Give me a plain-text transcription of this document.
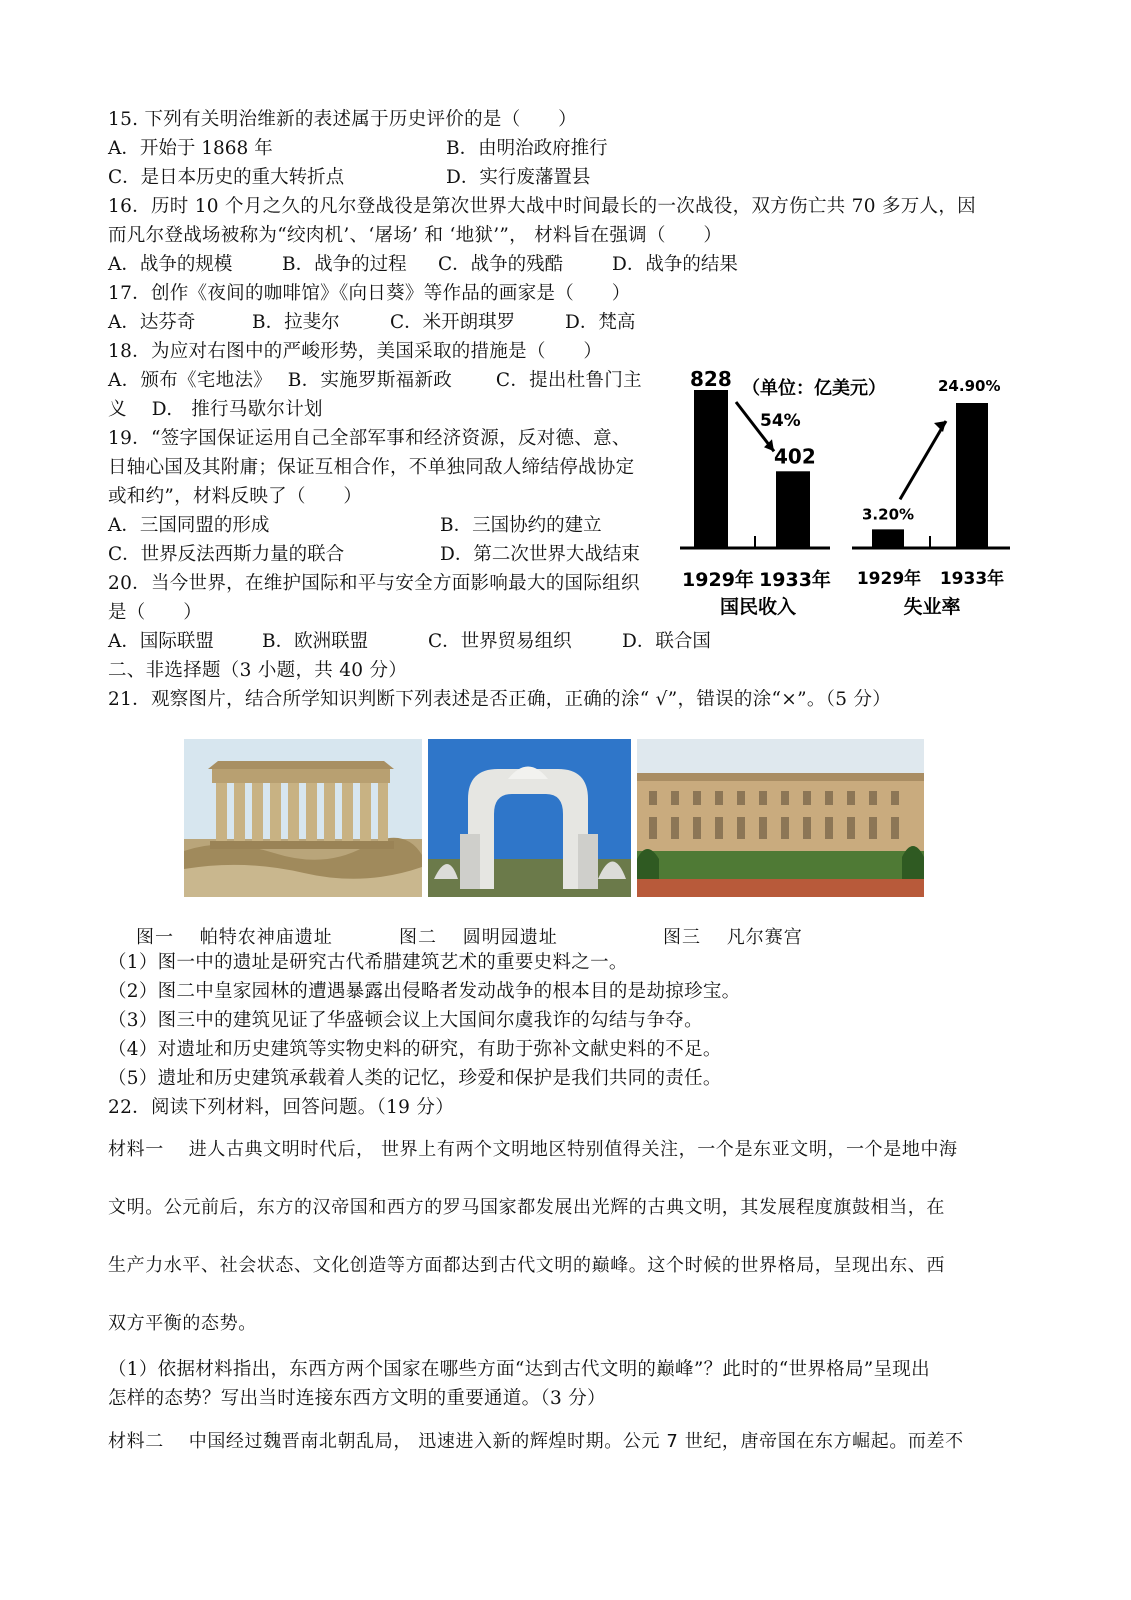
15. 下列有关明治维新的表述属于历史评价的是（　　）
A．开始于 1868 年	B．由明治政府推行
C．是日本历史的重大转折点	D．实行废藩置县
16．历时 10 个月之久的凡尔登战役是第次世界大战中时间最长的一次战役，双方伤亡共 70 多万人，因
而凡尔登战场被称为“绞肉机’、‘屠场’ 和 ‘地狱’”， 材料旨在强调（　　）
A．战争的规模	B．战争的过程 C．战争的残酷	D．战争的结果
17．创作《夜间的咖啡馆》《向日葵》等作品的画家是（　　）
A．达芬奇	B．拉斐尔	C．米开朗琪罗	D．梵高
18．为应对右图中的严峻形势，美国采取的措施是（　　）
A．颁布《宅地法》　 B．实施罗斯福新政　　 C．提出杜鲁门主
义　 D.　推行马歇尔计划
19．“签字国保证运用自己全部军事和经济资源，反对德、意、
日轴心国及其附庸；保证互相合作，不单独同敌人缔结停战协定
或和约”，材料反映了（　　）
A．三国同盟的形成	B．三国协约的建立
C．世界反法西斯力量的联合	D．第二次世界大战结束
20．当今世界，在维护国际和平与安全方面影响最大的国际组织
是（　　）
A．国际联盟	B．欧洲联盟	C．世界贸易组织	D．联合国
二、非选择题（3 小题，共 40 分）
21．观察图片，结合所学知识判断下列表述是否正确，正确的涂“ √”，错误的涂“×”。（5 分）
828
402
3.20%
24.90%
（单位：亿美元）
54%
1929年 1933年
国民收入
1929年 1933年
失业率
图一　 帕特农神庙遗址	图二　 圆明园遗址	图三　 凡尔赛宫
（1）图一中的遗址是研究古代希腊建筑艺术的重要史料之一。
（2）图二中皇家园林的遭遇暴露出侵略者发动战争的根本目的是劫掠珍宝。
（3）图三中的建筑见证了华盛顿会议上大国间尔虞我诈的勾结与争夺。
（4）对遗址和历史建筑等实物史料的研究，有助于弥补文献史料的不足。
（5）遗址和历史建筑承载着人类的记忆，珍爱和保护是我们共同的责任。
22．阅读下列材料，回答问题。（19 分）
材料一　 进人古典文明时代后， 世界上有两个文明地区特别值得关注，一个是东亚文明，一个是地中海
文明。公元前后，东方的汉帝国和西方的罗马国家都发展出光辉的古典文明，其发展程度旗鼓相当，在
生产力水平、社会状态、文化创造等方面都达到古代文明的巅峰。这个时候的世界格局，呈现出东、西
双方平衡的态势。
（1）依据材料指出，东西方两个国家在哪些方面“达到古代文明的巅峰”？此时的“世界格局”呈现出
怎样的态势？写出当时连接东西方文明的重要通道。（3 分）
材料二　 中国经过魏晋南北朝乱局， 迅速进入新的辉煌时期。公元 7 世纪，唐帝国在东方崛起。而差不
